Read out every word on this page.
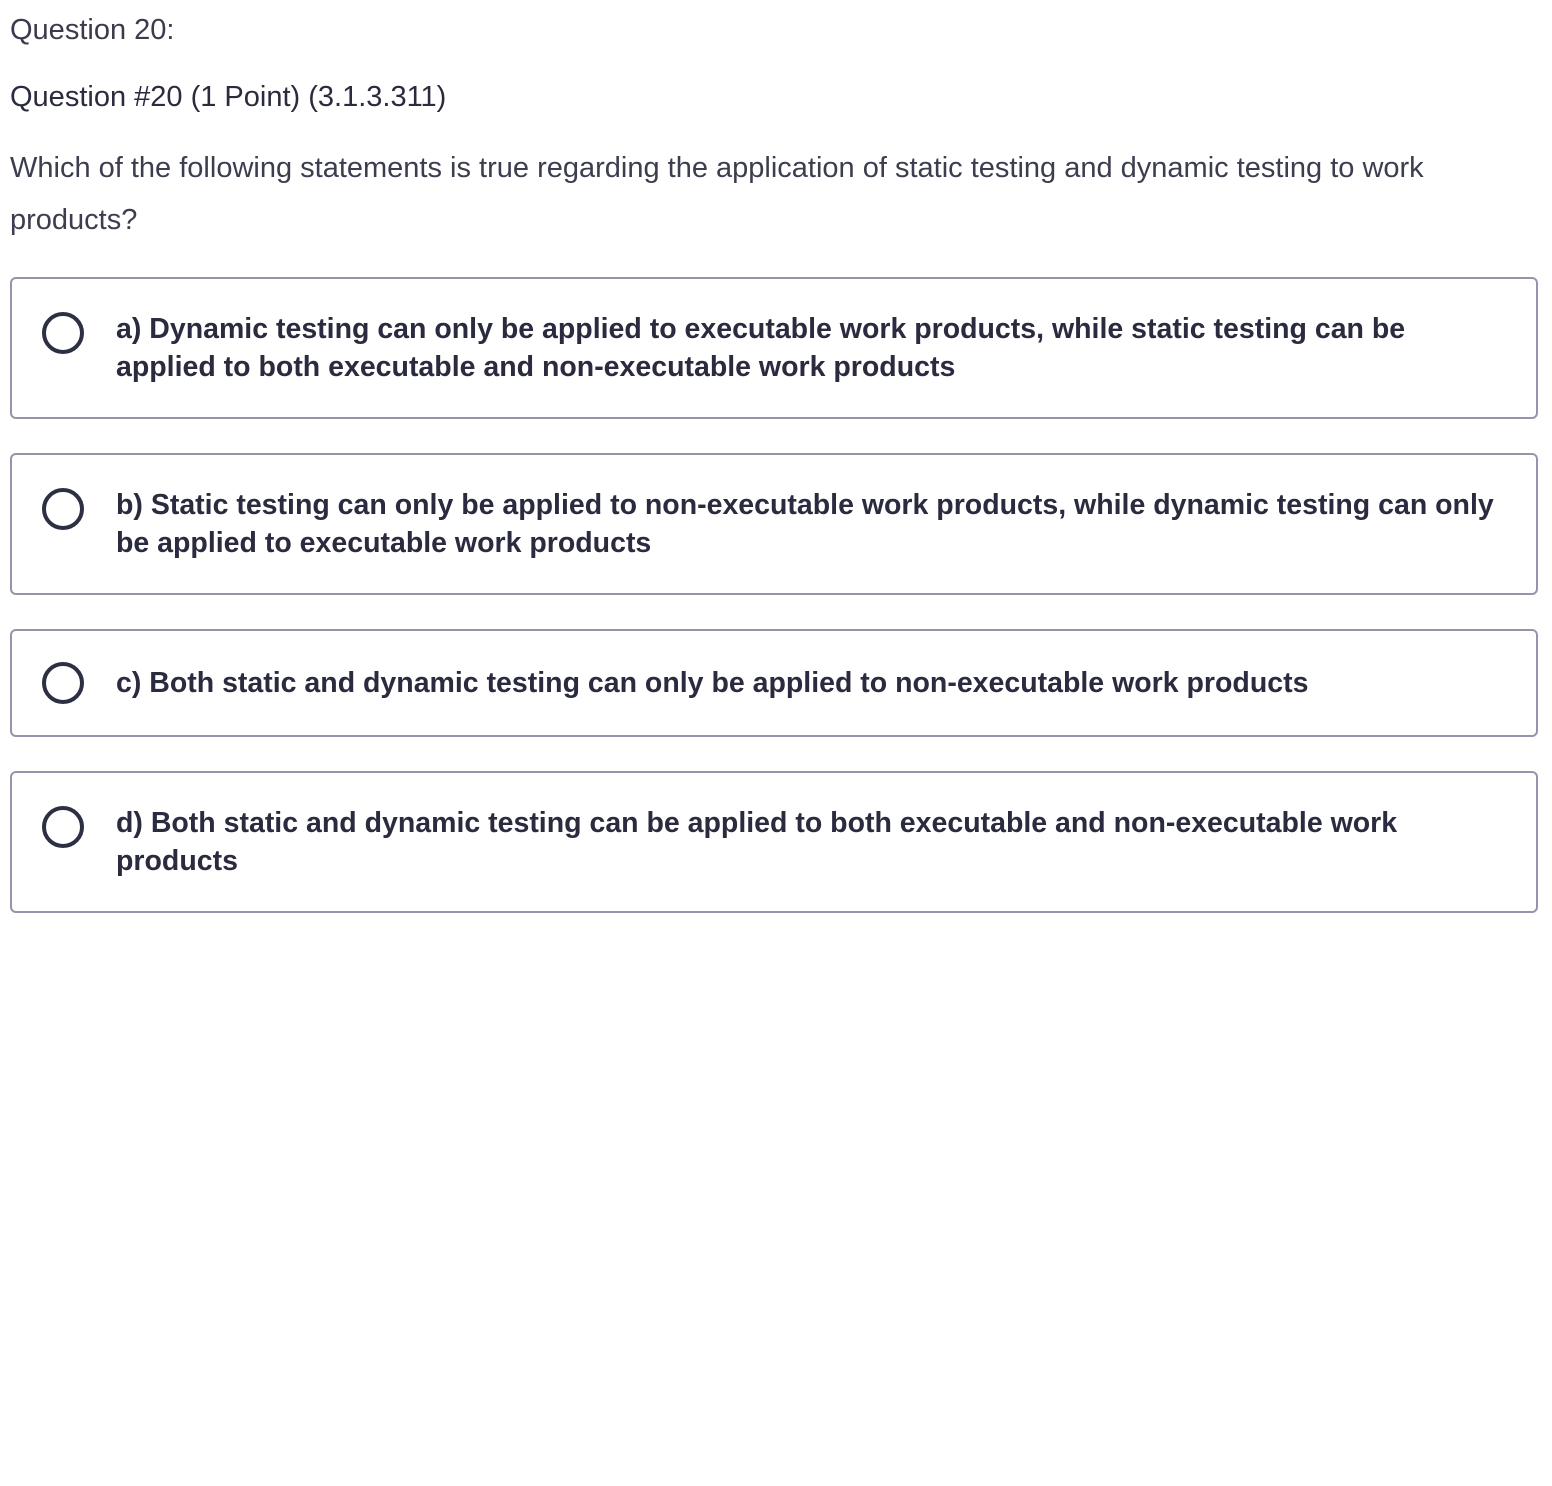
Question 20:
Question #20 (1 Point) (3.1.3.311)
Which of the following statements is true regarding the application of static testing and dynamic testing to work products?
a) Dynamic testing can only be applied to executable work products, while static testing can be applied to both executable and non-executable work products
b) Static testing can only be applied to non-executable work products, while dynamic testing can only be applied to executable work products
c) Both static and dynamic testing can only be applied to non-executable work products
d) Both static and dynamic testing can be applied to both executable and non-executable work products
